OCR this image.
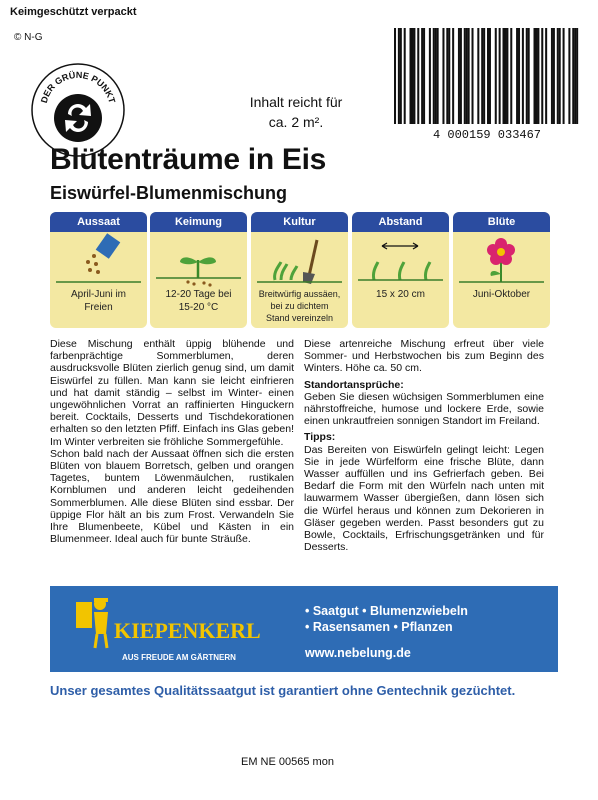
Keimgeschützt verpackt
© N-G
DER GRÜNE PUNKT	Inhalt reicht für
ca. 2 m².
4 000159 033467
Blütenträume in Eis
Eiswürfel-Blumenmischung
Aussaat
April-Juni im
Freien
Keimung
12-20 Tage bei
15-20 °C
Kultur
Breitwürfig aussäen,
bei zu dichtem
Stand vereinzeln
Abstand
15 x 20 cm
Blüte
Juni-Oktober

Diese Mischung enthält üppig blühende und farbenprächtige Sommerblumen, deren ausdrucksvolle Blüten zierlich genug sind, um damit Eiswürfel zu füllen. Man kann sie leicht einfrieren und hat damit ständig – selbst im Winter- einen ungewöhnlichen Vorrat an raffinierten Hinguckern bereit. Cocktails, Desserts und Tischdekorationen erhalten so den letzten Pfiff. Einfach ins Glas geben! Im Winter verbreiten sie fröhliche Sommergefühle.

Schon bald nach der Aussaat öffnen sich die ersten Blüten von blauem Borretsch, gelben und orangen Tagetes, buntem Löwenmäulchen, rustikalen Kornblumen und anderen leicht gedeihenden Sommerblumen. Alle diese Blüten sind essbar. Der üppige Flor hält an bis zum Frost. Verwandeln Sie Ihre Blumenbeete, Kübel und Kästen in ein Blumenmeer. Ideal auch für bunte Sträuße.

Diese artenreiche Mischung erfreut über viele Sommer- und Herbstwochen bis zum Beginn des Winters. Höhe ca. 50 cm.

Standortansprüche:

Geben Sie diesen wüchsigen Sommerblumen eine nährstoffreiche, humose und lockere Erde, sowie einen unkrautfreien sonnigen Standort im Freiland.

Tipps:

Das Bereiten von Eiswürfeln gelingt leicht: Legen Sie in jede Würfelform eine frische Blüte, dann Wasser auffüllen und ins Gefrierfach geben. Bei Bedarf die Form mit den Würfeln nach unten mit lauwarmem Wasser übergießen, dann lösen sich die Würfel heraus und können zum Dekorieren in Gläser gegeben werden. Passt besonders gut zu Bowle, Cocktails, Erfrischungsgetränken und für Desserts.

KIEPENKERL
AUS FREUDE AM GÄRTNERN
• Saatgut • Blumenzwiebeln
• Rasensamen • Pflanzen
www.nebelung.de
Unser gesamtes Qualitätssaatgut ist garantiert ohne Gentechnik gezüchtet.
EM NE 00565 mon
